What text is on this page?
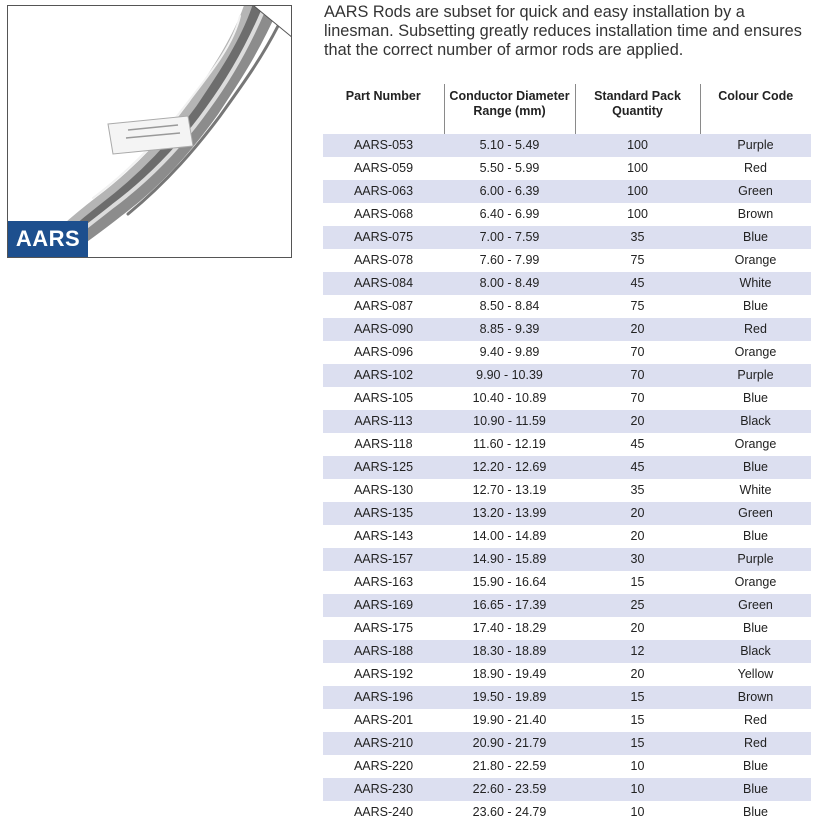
AARS
AARS Rods are subset for quick and easy installation by a linesman. Subsetting greatly reduces installation time and ensures that the correct number of armor rods are applied.
Part Number	Conductor Diameter Range (mm)	Standard Pack Quantity	Colour Code
AARS-053	5.10 - 5.49	100	Purple
AARS-059	5.50 - 5.99	100	Red
AARS-063	6.00 - 6.39	100	Green
AARS-068	6.40 - 6.99	100	Brown
AARS-075	7.00 - 7.59	35	Blue
AARS-078	7.60 - 7.99	75	Orange
AARS-084	8.00 - 8.49	45	White
AARS-087	8.50 - 8.84	75	Blue
AARS-090	8.85 - 9.39	20	Red
AARS-096	9.40 - 9.89	70	Orange
AARS-102	9.90 - 10.39	70	Purple
AARS-105	10.40 - 10.89	70	Blue
AARS-113	10.90 - 11.59	20	Black
AARS-118	11.60 - 12.19	45	Orange
AARS-125	12.20 - 12.69	45	Blue
AARS-130	12.70 - 13.19	35	White
AARS-135	13.20 - 13.99	20	Green
AARS-143	14.00 - 14.89	20	Blue
AARS-157	14.90 - 15.89	30	Purple
AARS-163	15.90 - 16.64	15	Orange
AARS-169	16.65 - 17.39	25	Green
AARS-175	17.40 - 18.29	20	Blue
AARS-188	18.30 - 18.89	12	Black
AARS-192	18.90 - 19.49	20	Yellow
AARS-196	19.50 - 19.89	15	Brown
AARS-201	19.90 - 21.40	15	Red
AARS-210	20.90 - 21.79	15	Red
AARS-220	21.80 - 22.59	10	Blue
AARS-230	22.60 - 23.59	10	Blue
AARS-240	23.60 - 24.79	10	Blue
